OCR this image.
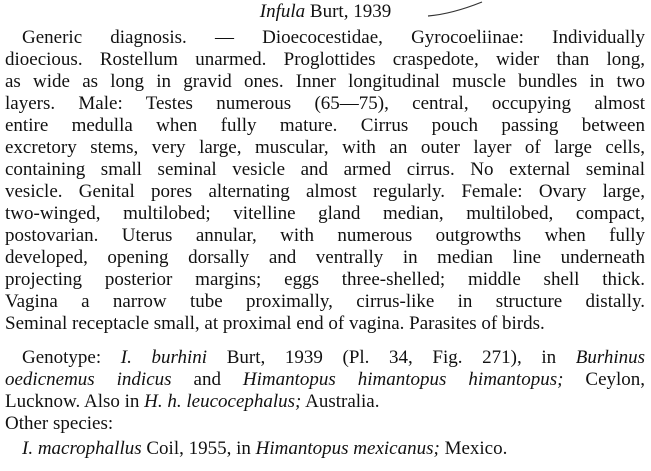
Infula Burt, 1939
Generic diagnosis. — Dioecocestidae, Gyrocoeliinae: Individually
dioecious. Rostellum unarmed. Proglottides craspedote, wider than long,
as wide as long in gravid ones. Inner longitudinal muscle bundles in two
layers. Male: Testes numerous (65—75), central, occupying almost
entire medulla when fully mature. Cirrus pouch passing between
excretory stems, very large, muscular, with an outer layer of large cells,
containing small seminal vesicle and armed cirrus. No external seminal
vesicle. Genital pores alternating almost regularly. Female: Ovary large,
two-winged, multilobed; vitelline gland median, multilobed, compact,
postovarian. Uterus annular, with numerous outgrowths when fully
developed, opening dorsally and ventrally in median line underneath
projecting posterior margins; eggs three-shelled; middle shell thick.
Vagina a narrow tube proximally, cirrus-like in structure distally.
Seminal receptacle small, at proximal end of vagina. Parasites of birds.
Genotype: I. burhini Burt, 1939 (Pl. 34, Fig. 271), in Burhinus
oedicnemus indicus and Himantopus himantopus himantopus; Ceylon,
Lucknow. Also in H. h. leucocephalus; Australia.
Other species:
I. macrophallus Coil, 1955, in Himantopus mexicanus; Mexico.
